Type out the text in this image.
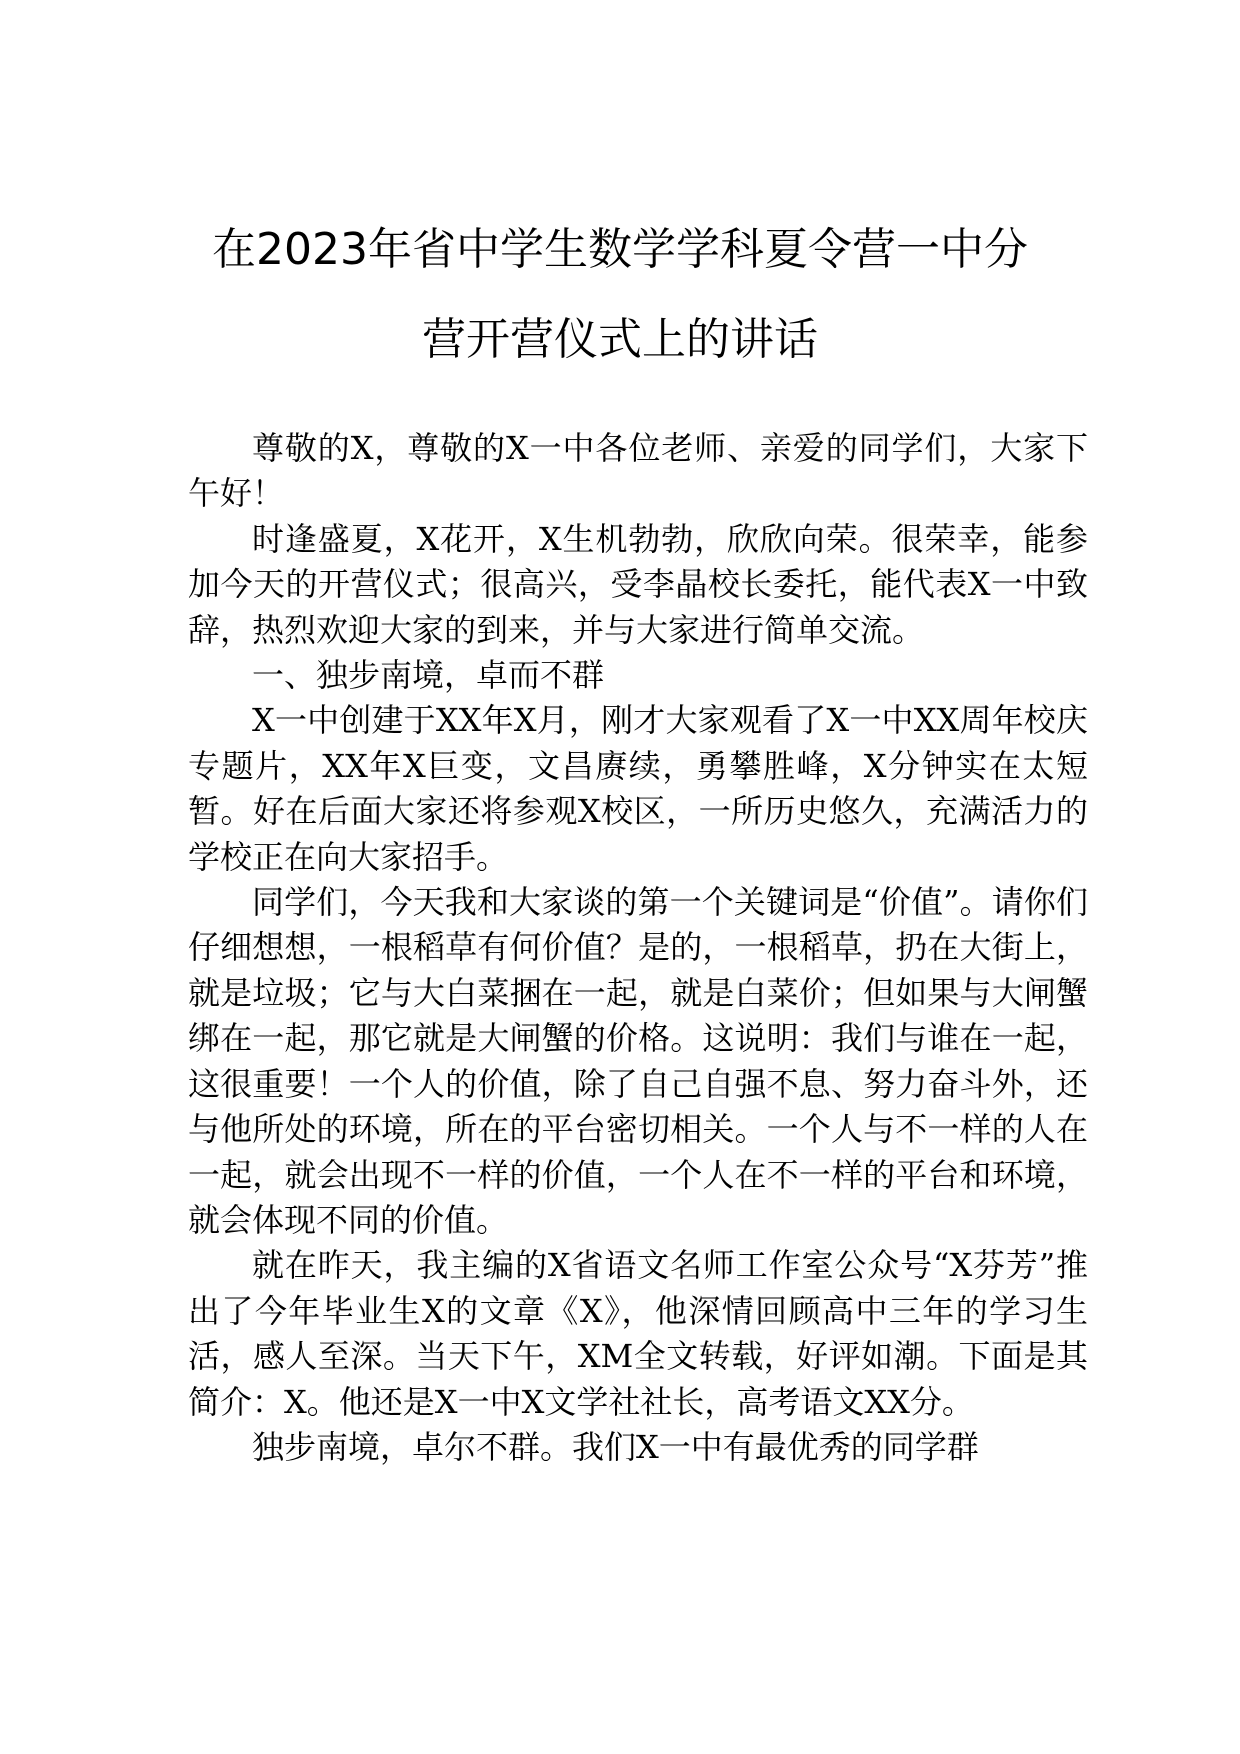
在2023年省中学生数学学科夏令营一中分
营开营仪式上的讲话

尊敬的X，尊敬的X一中各位老师、亲爱的同学们，大家下午好！

时逢盛夏，X花开，X生机勃勃，欣欣向荣。很荣幸，能参加今天的开营仪式；很高兴，受李晶校长委托，能代表X一中致辞，热烈欢迎大家的到来，并与大家进行简单交流。

一、独步南境，卓而不群

X一中创建于XX年X月，刚才大家观看了X一中XX周年校庆专题片，XX年X巨变，文昌赓续，勇攀胜峰，X分钟实在太短暂。好在后面大家还将参观X校区，一所历史悠久，充满活力的学校正在向大家招手。

同学们，今天我和大家谈的第一个关键词是“价值”。请你们仔细想想，一根稻草有何价值？是的，一根稻草，扔在大街上，就是垃圾；它与大白菜捆在一起，就是白菜价；但如果与大闸蟹绑在一起，那它就是大闸蟹的价格。这说明：我们与谁在一起，这很重要！一个人的价值，除了自己自强不息、努力奋斗外，还与他所处的环境，所在的平台密切相关。一个人与不一样的人在一起，就会出现不一样的价值，一个人在不一样的平台和环境，就会体现不同的价值。

就在昨天，我主编的X省语文名师工作室公众号“X芬芳”推出了今年毕业生X的文章《X》，他深情回顾高中三年的学习生活，感人至深。当天下午，XM全文转载，好评如潮。下面是其简介：X。他还是X一中X文学社社长，高考语文XX分。

独步南境，卓尔不群。我们X一中有最优秀的同学群
